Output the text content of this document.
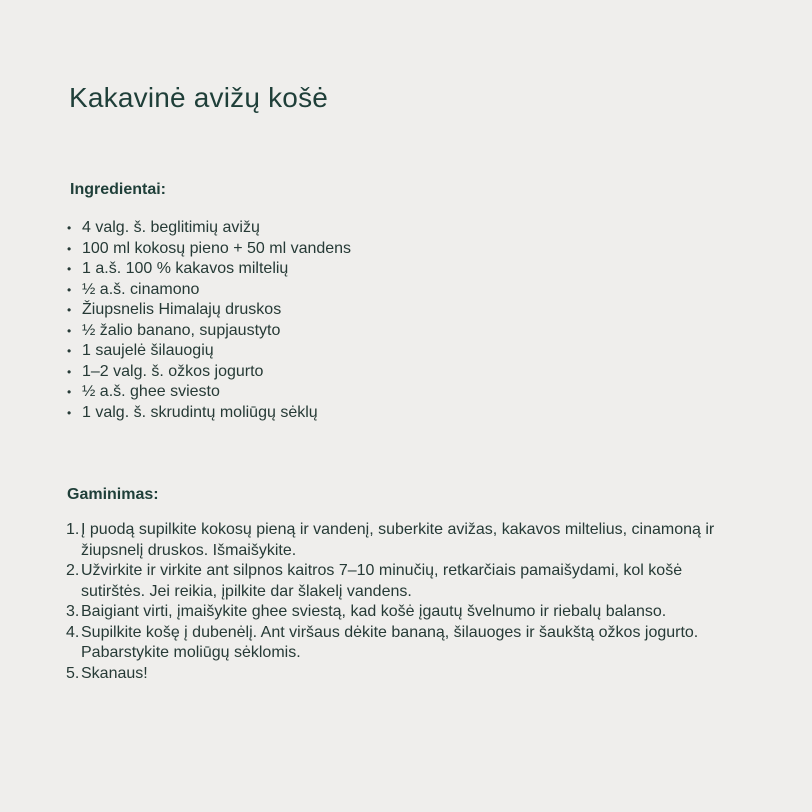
Kakavinė avižų košė
Ingredientai:
• 4 valg. š. beglitimių avižų
• 100 ml kokosų pieno + 50 ml vandens
• 1 a.š. 100 % kakavos miltelių
• ½ a.š. cinamono
• Žiupsnelis Himalajų druskos
• ½ žalio banano, supjaustyto
• 1 saujelė šilauogių
• 1–2 valg. š. ožkos jogurto
• ½ a.š. ghee sviesto
• 1 valg. š. skrudintų moliūgų sėklų
Gaminimas:
1. Į puodą supilkite kokosų pieną ir vandenį, suberkite avižas, kakavos miltelius, cinamoną ir žiupsnelį druskos. Išmaišykite.
2. Užvirkite ir virkite ant silpnos kaitros 7–10 minučių, retkarčiais pamaišydami, kol košė sutirštės. Jei reikia, įpilkite dar šlakelį vandens.
3. Baigiant virti, įmaišykite ghee sviestą, kad košė įgautų švelnumo ir riebalų balanso.
4. Supilkite košę į dubenėlį. Ant viršaus dėkite bananą, šilauoges ir šaukštą ožkos jogurto. Pabarstykite moliūgų sėklomis.
5. Skanaus!
